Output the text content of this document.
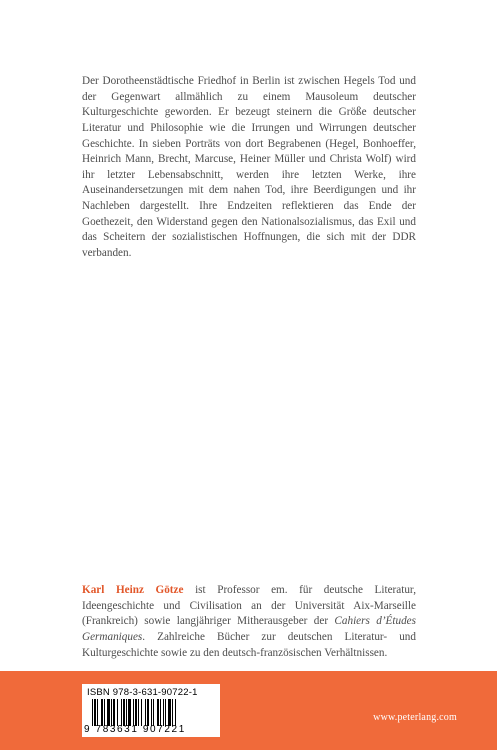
Der Dorotheenstädtische Friedhof in Berlin ist zwischen Hegels Tod und der Gegenwart allmählich zu einem Mausoleum deutscher Kulturgeschichte geworden. Er bezeugt steinern die Größe deutscher Literatur und Philosophie wie die Irrungen und Wirrungen deutscher Geschichte. In sieben Porträts von dort Begrabenen (Hegel, Bonhoeffer, Heinrich Mann, Brecht, Marcuse, Heiner Müller und Christa Wolf) wird ihr letzter Lebensabschnitt, werden ihre letzten Werke, ihre Auseinandersetzungen mit dem nahen Tod, ihre Beerdigungen und ihr Nachleben dargestellt. Ihre Endzeiten reflektieren das Ende der Goethezeit, den Widerstand gegen den Nationalsozialismus, das Exil und das Scheitern der sozialistischen Hoffnungen, die sich mit der DDR verbanden.

Karl Heinz Götze ist Professor em. für deutsche Literatur, Ideengeschichte und Civilisation an der Universität Aix-Marseille (Frankreich) sowie langjähriger Mitherausgeber der Cahiers d’Études Germaniques. Zahlreiche Bücher zur deutschen Literatur- und Kulturgeschichte sowie zu den deutsch-französischen Verhältnissen.

ISBN 978-3-631-90722-1
9 783631 907221
www.peterlang.com
